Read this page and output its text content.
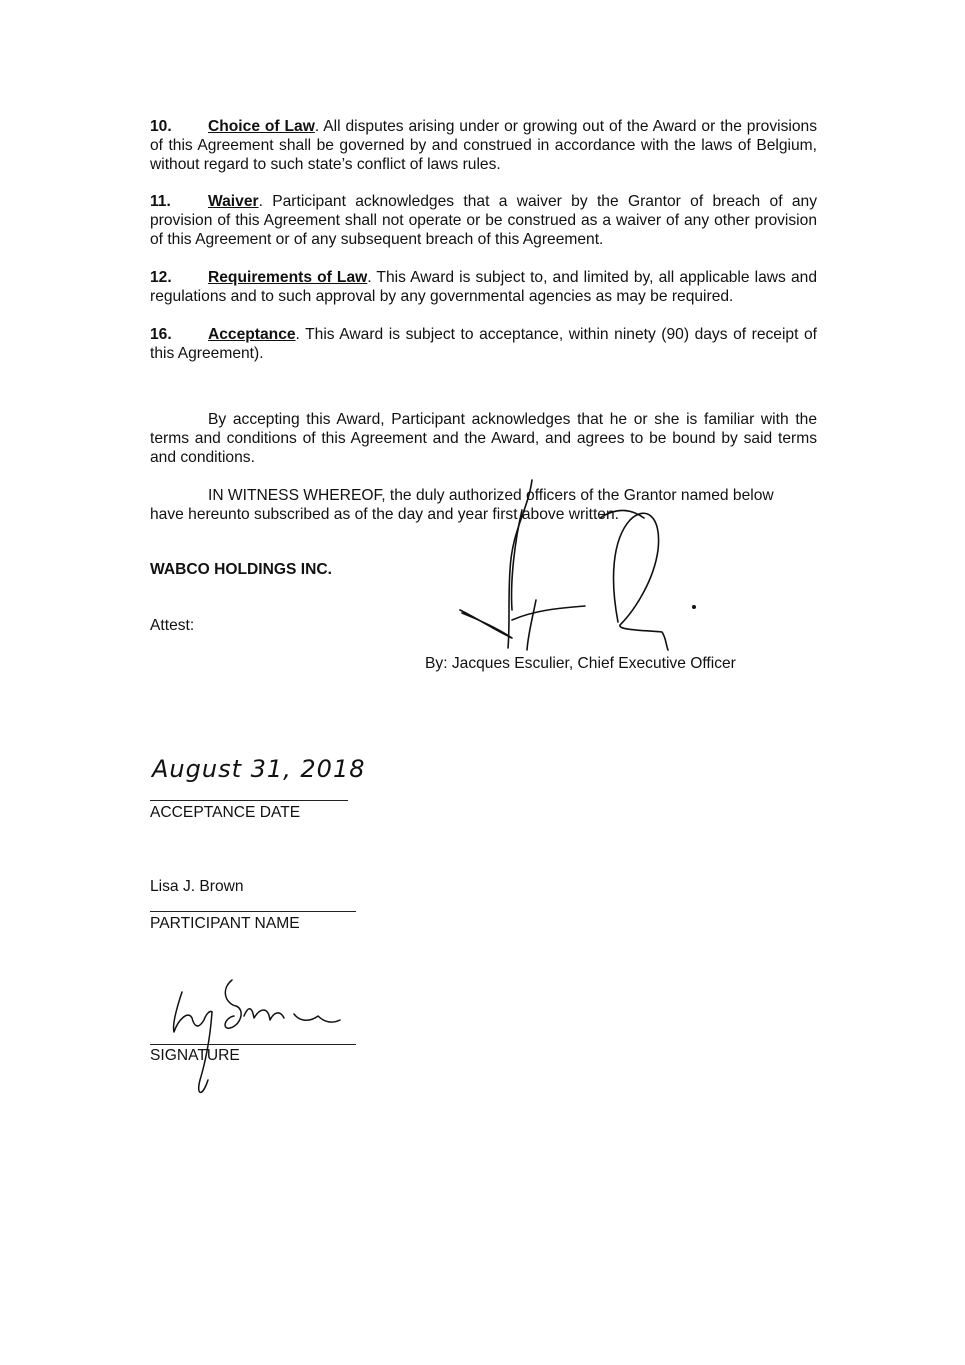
10. Choice of Law. All disputes arising under or growing out of the Award or the provisions of this Agreement shall be governed by and construed in accordance with the laws of Belgium, without regard to such state’s conflict of laws rules.

11. Waiver. Participant acknowledges that a waiver by the Grantor of breach of any provision of this Agreement shall not operate or be construed as a waiver of any other provision of this Agreement or of any subsequent breach of this Agreement.

12. Requirements of Law. This Award is subject to, and limited by, all applicable laws and regulations and to such approval by any governmental agencies as may be required.

16. Acceptance. This Award is subject to acceptance, within ninety (90) days of receipt of this Agreement).

By accepting this Award, Participant acknowledges that he or she is familiar with the terms and conditions of this Agreement and the Award, and agrees to be bound by said terms and conditions.

IN WITNESS WHEREOF, the duly authorized officers of the Grantor named below have hereunto subscribed as of the day and year first above written.

WABCO HOLDINGS INC.

Attest:

By: Jacques Esculier, Chief Executive Officer

August 31, 2018

ACCEPTANCE DATE

Lisa J. Brown

PARTICIPANT NAME

SIGNATURE
